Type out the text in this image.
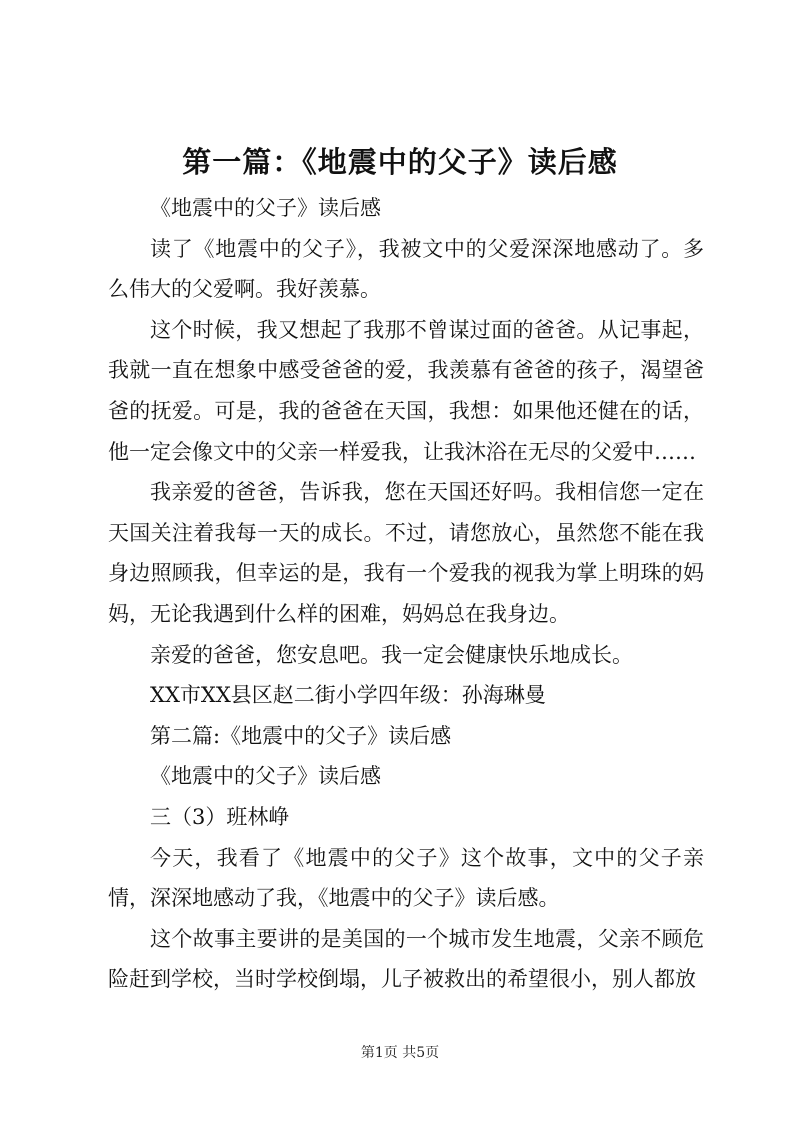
第一篇：《地震中的父子》读后感

《地震中的父子》读后感

读了《地震中的父子》，我被文中的父爱深深地感动了。多么伟大的父爱啊。我好羡慕。

这个时候，我又想起了我那不曾谋过面的爸爸。从记事起，我就一直在想象中感受爸爸的爱，我羡慕有爸爸的孩子，渴望爸爸的抚爱。可是，我的爸爸在天国，我想：如果他还健在的话，他一定会像文中的父亲一样爱我，让我沐浴在无尽的父爱中……

我亲爱的爸爸，告诉我，您在天国还好吗。我相信您一定在天国关注着我每一天的成长。不过，请您放心，虽然您不能在我身边照顾我，但幸运的是，我有一个爱我的视我为掌上明珠的妈妈，无论我遇到什么样的困难，妈妈总在我身边。

亲爱的爸爸，您安息吧。我一定会健康快乐地成长。

XX市XX县区赵二街小学四年级：孙海琳曼

第二篇:《地震中的父子》读后感

《地震中的父子》读后感

三（3）班林峥

今天，我看了《地震中的父子》这个故事，文中的父子亲情，深深地感动了我，《地震中的父子》读后感。

这个故事主要讲的是美国的一个城市发生地震，父亲不顾危险赶到学校，当时学校倒塌，儿子被救出的希望很小，别人都放

第1页 共5页
